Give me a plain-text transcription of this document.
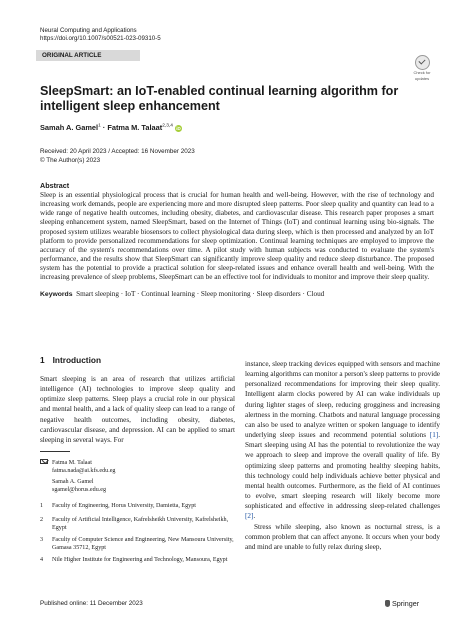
Neural Computing and Applications
https://doi.org/10.1007/s00521-023-09310-5
ORIGINAL ARTICLE
Check for
updates
SleepSmart: an IoT-enabled continual learning algorithm for intelligent sleep enhancement
Samah A. Gamel$^1$ · Fatma M. Talaat$^{2,3,4}$ iD
Received: 20 April 2023 / Accepted: 16 November 2023
© The Author(s) 2023
Abstract
Sleep is an essential physiological process that is crucial for human health and well-being. However, with the rise of technology and increasing work demands, people are experiencing more and more disrupted sleep patterns. Poor sleep quality and quantity can lead to a wide range of negative health outcomes, including obesity, diabetes, and cardiovascular disease. This research paper proposes a smart sleeping enhancement system, named SleepSmart, based on the Internet of Things (IoT) and continual learning using bio-signals. The proposed system utilizes wearable biosensors to collect physiological data during sleep, which is then processed and analyzed by an IoT platform to provide personalized recommendations for sleep optimization. Continual learning techniques are employed to improve the accuracy of the system's recommendations over time. A pilot study with human subjects was conducted to evaluate the system's performance, and the results show that SleepSmart can significantly improve sleep quality and reduce sleep disturbance. The proposed system has the potential to provide a practical solution for sleep-related issues and enhance overall health and well-being. With the increasing prevalence of sleep problems, SleepSmart can be an effective tool for individuals to monitor and improve their sleep quality.
Keywords Smart sleeping · IoT · Continual learning · Sleep monitoring · Sleep disorders · Cloud
1 Introduction

Smart sleeping is an area of research that utilizes artificial intelligence (AI) technologies to improve sleep quality and optimize sleep patterns. Sleep plays a crucial role in our physical and mental health, and a lack of quality sleep can lead to a range of negative health outcomes, including obesity, diabetes, cardiovascular disease, and depression. AI can be applied to smart sleeping in several ways. For

instance, sleep tracking devices equipped with sensors and machine learning algorithms can monitor a person's sleep patterns to provide personalized recommendations for improving their sleep quality. Intelligent alarm clocks powered by AI can wake individuals up during lighter stages of sleep, reducing grogginess and increasing alertness in the morning. Chatbots and natural language processing can also be used to analyze written or spoken language to identify underlying sleep issues and recommend potential solutions [1]. Smart sleeping using AI has the potential to revolutionize the way we approach to sleep and improve the overall quality of life. By optimizing sleep patterns and promoting healthy sleeping habits, this technology could help individuals achieve better physical and mental health outcomes. Furthermore, as the field of AI continues to evolve, smart sleeping research will likely become more sophisticated and effective in addressing sleep-related challenges [2].

Stress while sleeping, also known as nocturnal stress, is a common problem that can affect anyone. It occurs when your body and mind are unable to fully relax during sleep,

Fatma M. Talaat
fatma.nada@ai.kfs.edu.eg
Samah A. Gamel
sgamel@horus.edu.eg
1 Faculty of Engineering, Horus University, Damietta, Egypt
2 Faculty of Artificial Intelligence, Kafrelsheikh University, Kafrelsheikh, Egypt
3 Faculty of Computer Science and Engineering, New Mansoura University, Gamasa 35712, Egypt
4 Nile Higher Institute for Engineering and Technology, Mansoura, Egypt
Published online: 11 December 2023	Springer
